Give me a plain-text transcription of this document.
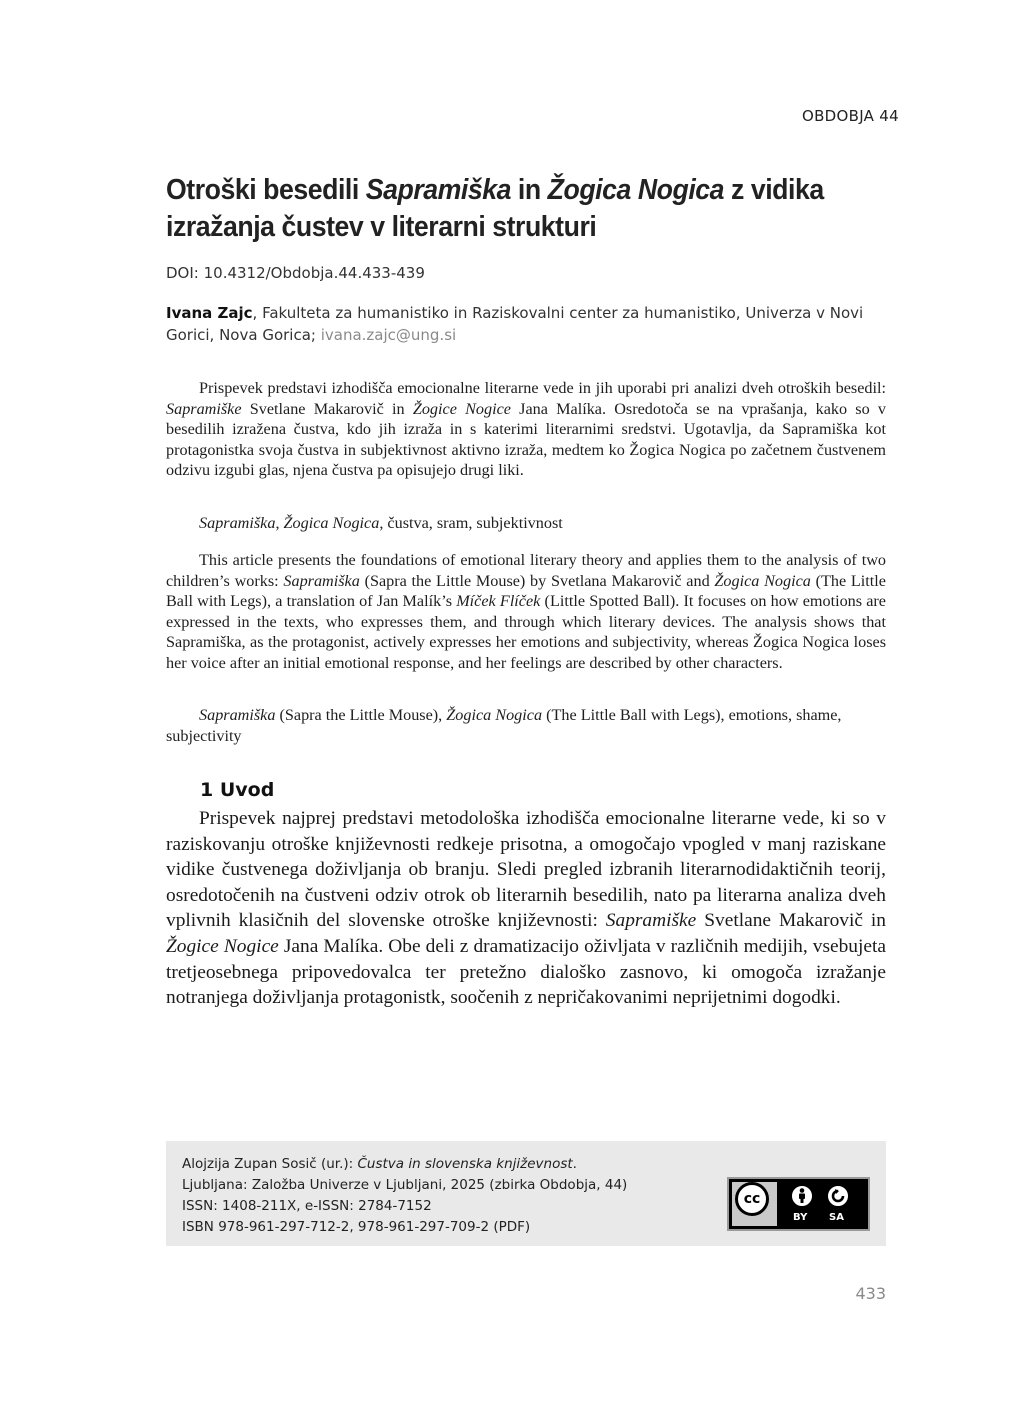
OBDOBJA 44
Otroški besedili Sapramiška in Žogica Nogica z vidika izražanja čustev v literarni strukturi
DOI: 10.4312/Obdobja.44.433-439
Ivana Zajc, Fakulteta za humanistiko in Raziskovalni center za humanistiko, Univerza v Novi Gorici, Nova Gorica; ivana.zajc@ung.si

Prispevek predstavi izhodišča emocionalne literarne vede in jih uporabi pri analizi dveh otroških besedil: Sapramiške Svetlane Makarovič in Žogice Nogice Jana Malíka. Osredotoča se na vprašanja, kako so v besedilih izražena čustva, kdo jih izraža in s katerimi literarnimi sredstvi. Ugotavlja, da Sapramiška kot protagonistka svoja čustva in subjektivnost aktivno izraža, medtem ko Žogica Nogica po začetnem čustvenem odzivu izgubi glas, njena čustva pa opisujejo drugi liki.

Sapramiška, Žogica Nogica, čustva, sram, subjektivnost

This article presents the foundations of emotional literary theory and applies them to the analysis of two children’s works: Sapramiška (Sapra the Little Mouse) by Svetlana Makarovič and Žogica Nogica (The Little Ball with Legs), a translation of Jan Malík’s Míček Flíček (Little Spotted Ball). It focuses on how emotions are expressed in the texts, who expresses them, and through which literary devices. The analysis shows that Sapramiška, as the protagonist, actively expresses her emotions and subjectivity, whereas Žogica Nogica loses her voice after an initial emotional response, and her feelings are described by other characters.

Sapramiška (Sapra the Little Mouse), Žogica Nogica (The Little Ball with Legs), emotions, shame, subjectivity
1 Uvod

Prispevek najprej predstavi metodološka izhodišča emocionalne literarne vede, ki so v raziskovanju otroške književnosti redkeje prisotna, a omogočajo vpogled v manj raziskane vidike čustvenega doživljanja ob branju. Sledi pregled izbranih literarnodidaktičnih teorij, osredotočenih na čustveni odziv otrok ob literarnih besedilih, nato pa literarna analiza dveh vplivnih klasičnih del slovenske otroške književnosti: Sapramiške Svetlane Makarovič in Žogice Nogice Jana Malíka. Obe deli z dramatizacijo oživljata v različnih medijih, vsebujeta tretjeosebnega pripovedovalca ter pretežno dialoško zasnovo, ki omogoča izražanje notranjega doživljanja protagonistk, soočenih z nepričakovanimi neprijetnimi dogodki.

Alojzija Zupan Sosič (ur.): Čustva in slovenska književnost.
Ljubljana: Založba Univerze v Ljubljani, 2025 (zbirka Obdobja, 44)
ISSN: 1408-211X, e-ISSN: 2784-7152
ISBN 978-961-297-712-2, 978-961-297-709-2 (PDF)
cc
BY SA
433
